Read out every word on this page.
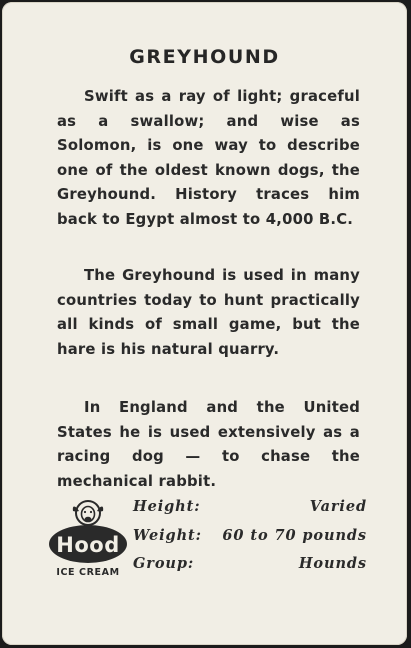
GREYHOUND

Swift as a ray of light; graceful as a swallow; and wise as Solomon, is one way to describe one of the oldest known dogs, the Greyhound. History traces him back to Egypt almost to 4,000 B.C.

The Greyhound is used in many countries today to hunt practically all kinds of small game, but the hare is his natural quarry.

In England and the United States he is used extensively as a racing dog — to chase the mechanical rabbit.

Hood
ICE CREAM
Height:	Varied
Weight: 60 to 70 pounds
Group:	Hounds
